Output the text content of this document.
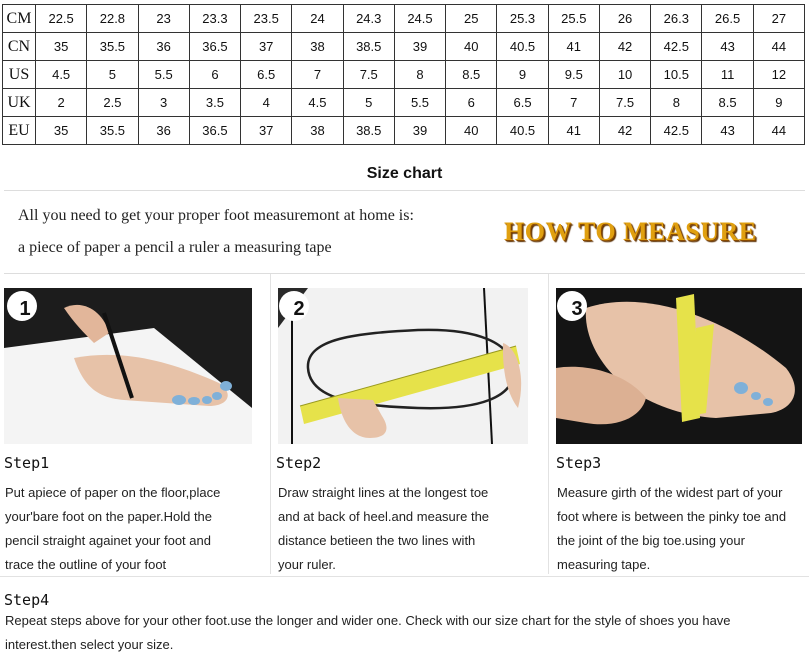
CM	22.5	22.8	23	23.3	23.5	24	24.3	24.5	25	25.3	25.5	26	26.3	26.5	27
CN	35	35.5	36	36.5	37	38	38.5	39	40	40.5	41	42	42.5	43	44
US	4.5	5	5.5	6	6.5	7	7.5	8	8.5	9	9.5	10	10.5	11	12
UK	2	2.5	3	3.5	4	4.5	5	5.5	6	6.5	7	7.5	8	8.5	9
EU	35	35.5	36	36.5	37	38	38.5	39	40	40.5	41	42	42.5	43	44
Size chart
All you need to get your proper foot measuremont at home is:
a piece of paper a pencil a ruler a measuring tape
HOW TO MEASURE
1
Step1
Put apiece of paper on the floor,place
your'bare foot on the paper.Hold the
pencil straight againet your foot and
trace the outline of your foot
2
Step2
Draw straight lines at the longest toe
and at back of heel.and measure the
distance betieen the two lines with
your ruler.
3
Step3
Measure girth of the widest part of your
foot where is between the pinky toe and
the joint of the big toe.using your
measuring tape.
Step4
Repeat steps above for your other foot.use the longer and wider one. Check with our size chart for the style of shoes you have
interest.then select your size.
